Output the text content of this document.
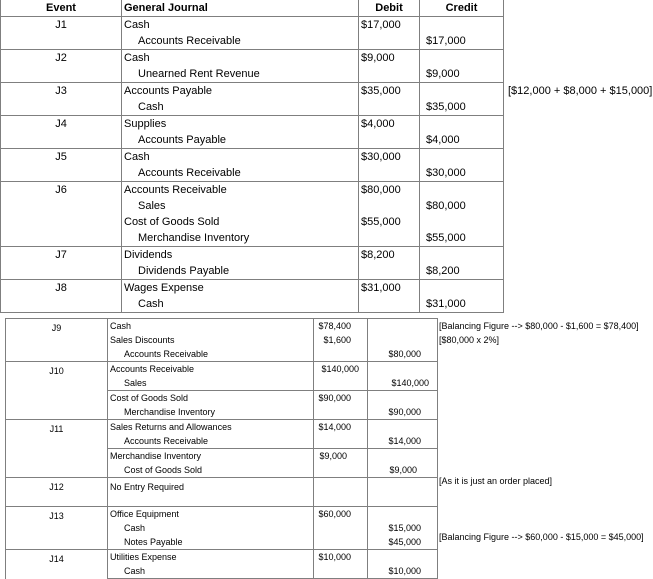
Event	General Journal	Debit	Credit
J1	Cash	$17,000	
	Accounts Receivable		$17,000
J2	Cash	$9,000	
	Unearned Rent Revenue		$9,000
J3	Accounts Payable	$35,000	
	Cash		$35,000
J4	Supplies	$4,000	
	Accounts Payable		$4,000
J5	Cash	$30,000	
	Accounts Receivable		$30,000
J6	Accounts Receivable	$80,000	
	Sales		$80,000
	Cost of Goods Sold	$55,000	
	Merchandise Inventory		$55,000
J7	Dividends	$8,200	
	Dividends Payable		$8,200
J8	Wages Expense	$31,000	
	Cash		$31,000
[$12,000 + $8,000 + $15,000]
J9	Cash	$78,400	
	Sales Discounts	$1,600	
	Accounts Receivable		$80,000
J10	Accounts Receivable	$140,000	
	Sales		$140,000
	Cost of Goods Sold	$90,000	
	Merchandise Inventory		$90,000
J11	Sales Returns and Allowances	$14,000	
	Accounts Receivable		$14,000
	Merchandise Inventory	$9,000	
	Cost of Goods Sold		$9,000
J12	No Entry Required		
J13	Office Equipment	$60,000	
	Cash		$15,000
	Notes Payable		$45,000
J14	Utilities Expense	$10,000	
	Cash		$10,000
[Balancing Figure --> $80,000 - $1,600 = $78,400]
[$80,000 x 2%]
[As it is just an order placed]
[Balancing Figure --> $60,000 - $15,000 = $45,000]
